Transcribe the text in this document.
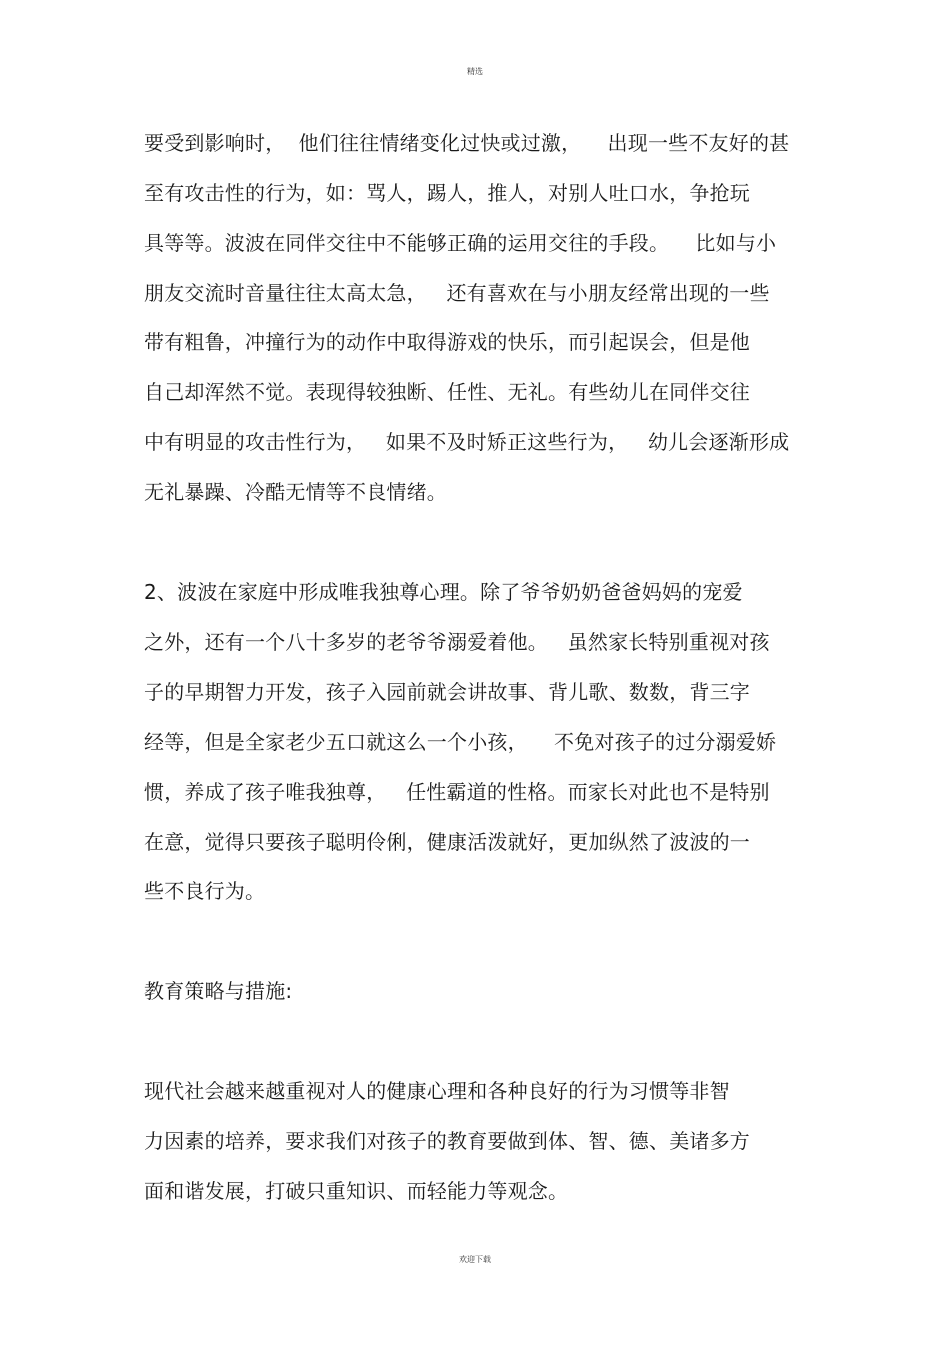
精选
要受到影响时，  他们往往情绪变化过快或过激，    出现一些不友好的甚
至有攻击性的行为，如：骂人，踢人，推人，对别人吐口水，争抢玩
具等等。波波在同伴交往中不能够正确的运用交往的手段。    比如与小
朋友交流时音量往往太高太急，   还有喜欢在与小朋友经常出现的一些
带有粗鲁，冲撞行为的动作中取得游戏的快乐，而引起误会，但是他
自己却浑然不觉。表现得较独断、任性、无礼。有些幼儿在同伴交往
中有明显的攻击性行为，   如果不及时矫正这些行为，   幼儿会逐渐形成
无礼暴躁、冷酷无情等不良情绪。
2、波波在家庭中形成唯我独尊心理。除了爷爷奶奶爸爸妈妈的宠爱
之外，还有一个八十多岁的老爷爷溺爱着他。   虽然家长特别重视对孩
子的早期智力开发，孩子入园前就会讲故事、背儿歌、数数，背三字
经等，但是全家老少五口就这么一个小孩，    不免对孩子的过分溺爱娇
惯，养成了孩子唯我独尊，   任性霸道的性格。而家长对此也不是特别
在意，觉得只要孩子聪明伶俐，健康活泼就好，更加纵然了波波的一
些不良行为。
教育策略与措施:
现代社会越来越重视对人的健康心理和各种良好的行为习惯等非智
力因素的培养，要求我们对孩子的教育要做到体、智、德、美诸多方
面和谐发展，打破只重知识、而轻能力等观念。
欢迎下载
